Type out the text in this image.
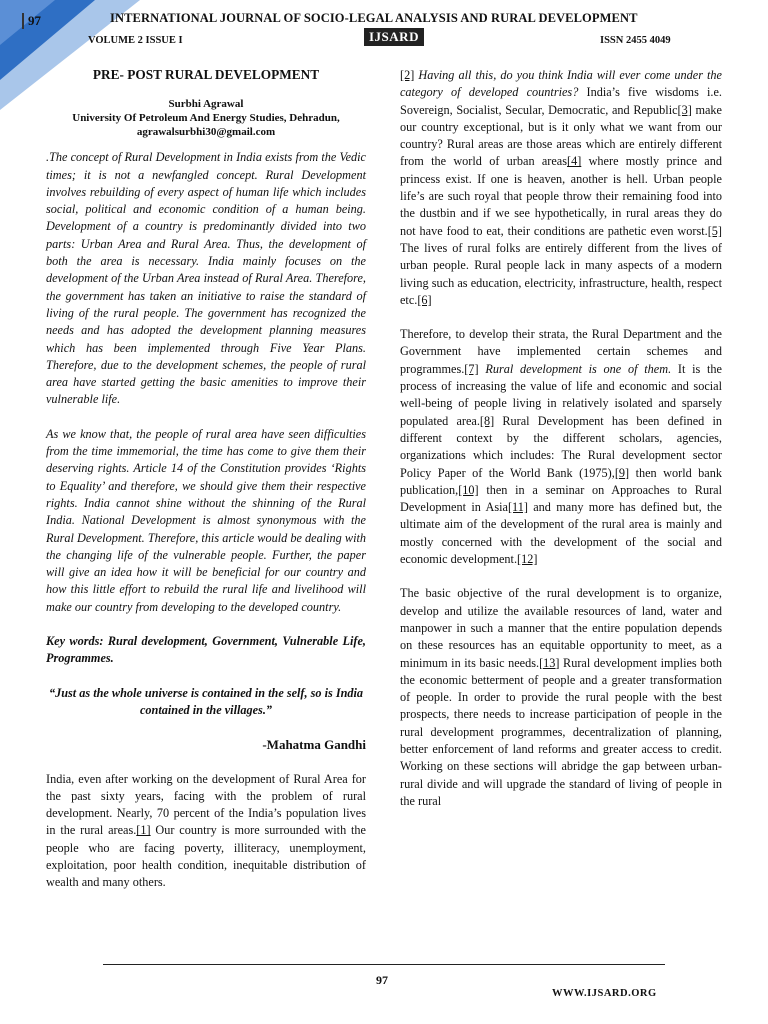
97	INTERNATIONAL JOURNAL OF SOCIO-LEGAL ANALYSIS AND RURAL DEVELOPMENT
VOLUME 2 ISSUE I	IJSARD	ISSN 2455 4049

PRE- POST RURAL DEVELOPMENT

Surbhi Agrawal

University Of Petroleum And Energy Studies, Dehradun,

agrawalsurbhi30@gmail.com

.The concept of Rural Development in India exists from the Vedic times; it is not a newfangled concept. Rural Development involves rebuilding of every aspect of human life which includes social, political and economic condition of a human being. Development of a country is predominantly divided into two parts: Urban Area and Rural Area. Thus, the development of both the area is necessary. India mainly focuses on the development of the Urban Area instead of Rural Area. Therefore, the government has taken an initiative to raise the standard of living of the rural people. The government has recognized the needs and has adopted the development planning measures which has been implemented through Five Year Plans. Therefore, due to the development schemes, the people of rural area have started getting the basic amenities to improve their vulnerable life.

As we know that, the people of rural area have seen difficulties from the time immemorial, the time has come to give them their deserving rights. Article 14 of the Constitution provides ‘Rights to Equality’ and therefore, we should give them their respective rights. India cannot shine without the shinning of the Rural India. National Development is almost synonymous with the Rural Development. Therefore, this article would be dealing with the changing life of the vulnerable people. Further, the paper will give an idea how it will be beneficial for our country and how this little effort to rebuild the rural life and livelihood will make our country from developing to the developed country.

Key words: Rural development, Government, Vulnerable Life, Programmes.

“Just as the whole universe is contained in the self, so is India contained in the villages.”

-Mahatma Gandhi

India, even after working on the development of Rural Area for the past sixty years, facing with the problem of rural development. Nearly, 70 percent of the India’s population lives in the rural areas.[1] Our country is more surrounded with the people who are facing poverty, illiteracy, unemployment, exploitation, poor health condition, inequitable distribution of wealth and many others.

[2] Having all this, do you think India will ever come under the category of developed countries? India’s five wisdoms i.e. Sovereign, Socialist, Secular, Democratic, and Republic[3] make our country exceptional, but is it only what we want from our country? Rural areas are those areas which are entirely different from the world of urban areas[4] where mostly prince and princess exist. If one is heaven, another is hell. Urban people life’s are such royal that people throw their remaining food into the dustbin and if we see hypothetically, in rural areas they do not have food to eat, their conditions are pathetic even worst.[5] The lives of rural folks are entirely different from the lives of urban people. Rural people lack in many aspects of a modern living such as education, electricity, infrastructure, health, respect etc.[6]

Therefore, to develop their strata, the Rural Department and the Government have implemented certain schemes and programmes.[7] Rural development is one of them. It is the process of increasing the value of life and economic and social well-being of people living in relatively isolated and sparsely populated area.[8] Rural Development has been defined in different context by the different scholars, agencies, organizations which includes: The Rural development sector Policy Paper of the World Bank (1975),[9] then world bank publication,[10] then in a seminar on Approaches to Rural Development in Asia[11] and many more has defined but, the ultimate aim of the development of the rural area is mainly and mostly concerned with the development of the social and economic development.[12]

The basic objective of the rural development is to organize, develop and utilize the available resources of land, water and manpower in such a manner that the entire population depends on these resources has an equitable opportunity to meet, as a minimum in its basic needs.[13] Rural development implies both the economic betterment of people and a greater transformation of people. In order to provide the rural people with the best prospects, there needs to increase participation of people in the rural development programmes, decentralization of planning, better enforcement of land reforms and greater access to credit. Working on these sections will abridge the gap between urban- rural divide and will upgrade the standard of living of people in the rural

97
WWW.IJSARD.ORG
